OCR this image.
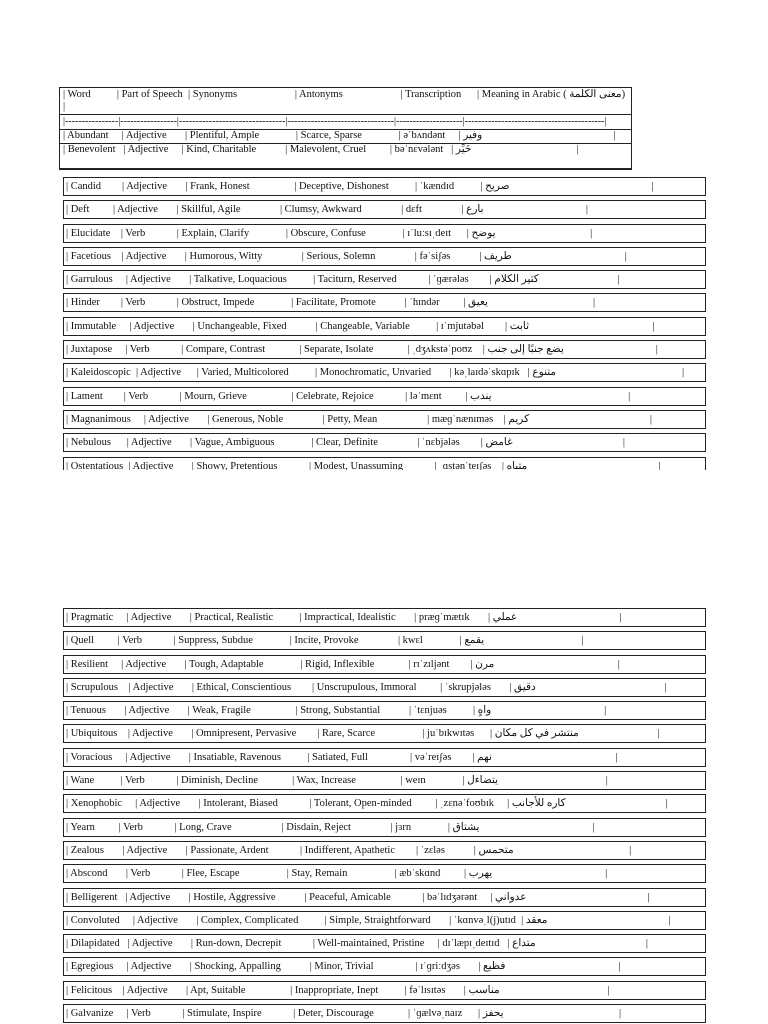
| Word          | Part of Speech  | Synonyms                      | Antonyms                      | Transcription      | Meaning in Arabic ( معنى الكلمة)        |
|----------------|-----------------|--------------------------------|--------------------------------|--------------------|------------------------------------------|
| Abundant     | Adjective       | Plentiful, Ample              | Scarce, Sparse              | əˈbʌndənt     | وفير                                                  |
| Benevolent   | Adjective     | Kind, Charitable           | Malevolent, Cruel         | bəˈnɛvələnt   | خَيِّر                                        |
| Candid        | Adjective       | Frank, Honest                 | Deceptive, Dishonest          | ˈkændɪd          | صريح                                                      |
| Deft         | Adjective       | Skillful, Agile               | Clumsy, Awkward               | dɛft               | بارع                                       |
| Elucidate    | Verb            | Explain, Clarify              | Obscure, Confuse              | ɪˈluːsɪˌdeɪt      | يوضح                                    |
| Facetious    | Adjective       | Humorous, Witty               | Serious, Solemn               | fəˈsiʃəs           | طريف                                           |
| Garrulous     | Adjective       | Talkative, Loquacious          | Taciturn, Reserved            | ˈɡærələs        | كثير الكلام                              |
| Hinder        | Verb            | Obstruct, Impede              | Facilitate, Promote           | ˈhɪndər         | يعيق                                        |
| Immutable     | Adjective       | Unchangeable, Fixed           | Changeable, Variable          | ɪˈmjutəbəl        | ثابت                                               |
| Juxtapose     | Verb            | Compare, Contrast             | Separate, Isolate             | ˌdʒʌkstəˈpoʊz    | يضع جنبًا إلى جنب                                   |
| Kaleidoscopic  | Adjective      | Varied, Multicolored          | Monochromatic, Unvaried       | kəˌlaɪdəˈskɑpɪk   | متنوع                                                |
| Lament        | Verb            | Mourn, Grieve                 | Celebrate, Rejoice            | ləˈmɛnt         | يندب                                                    |
| Magnanimous     | Adjective       | Generous, Noble               | Petty, Mean                   | mæɡˈnænɪməs    | كريم                                              |
| Nebulous      | Adjective       | Vague, Ambiguous              | Clear, Definite               | ˈnɛbjələs        | غامض                                          |
| Ostentatious  | Adjective       | Showy, Pretentious            | Modest, Unassuming            | ˌɑstənˈteɪʃəs    | متباه                                                  |
| Pragmatic     | Adjective       | Practical, Realistic          | Impractical, Idealistic       | præɡˈmætɪk       | عملي                                       |
| Quell         | Verb            | Suppress, Subdue              | Incite, Provoke               | kwɛl              | يقمع                                     |
| Resilient     | Adjective       | Tough, Adaptable              | Rigid, Inflexible             | rɪˈzɪljənt        | مرن                                               |
| Scrupulous    | Adjective       | Ethical, Conscientious        | Unscrupulous, Immoral         | ˈskrupjələs       | دقيق                                                 |
| Tenuous       | Adjective       | Weak, Fragile                 | Strong, Substantial           | ˈtɛnjuəs          | واهٍ                                           |
| Ubiquitous    | Adjective       | Omnipresent, Pervasive        | Rare, Scarce                  | juˈbɪkwɪtəs      | منتشر في كل مكان                              |
| Voracious     | Adjective       | Insatiable, Ravenous          | Satiated, Full                | vəˈreɪʃəs        | نهم                                               |
| Wane          | Verb            | Diminish, Decline             | Wax, Increase                 | weɪn              | يتضاءل                                         |
| Xenophobic     | Adjective       | Intolerant, Biased            | Tolerant, Open-minded         | ˌzɛnəˈfoʊbɪk     | كاره للأجانب                                      |
| Yearn         | Verb            | Long, Crave                   | Disdain, Reject               | jɜrn              | يشتاق                                           |
| Zealous       | Adjective       | Passionate, Ardent            | Indifferent, Apathetic        | ˈzɛləs           | متحمس                                            |
| Abscond       | Verb            | Flee, Escape                  | Stay, Remain                  | æbˈskɑnd         | يهرب                                           |
| Belligerent   | Adjective       | Hostile, Aggressive           | Peaceful, Amicable            | bəˈlɪdʒərənt     | عدواني                                              |
| Convoluted     | Adjective       | Complex, Complicated          | Simple, Straightforward       | ˈkɑnvəˌl(j)utɪd  | معقد                                              |
| Dilapidated   | Adjective       | Run-down, Decrepit            | Well-maintained, Pristine     | dɪˈlæpɪˌdeɪtɪd   | متداع                                          |
| Egregious     | Adjective       | Shocking, Appalling           | Minor, Trivial                | ɪˈɡriːdʒəs       | فظيع                                           |
| Felicitous    | Adjective       | Apt, Suitable                 | Inappropriate, Inept          | fəˈlɪsɪtəs       | مناسب                                         |
| Galvanize     | Verb            | Stimulate, Inspire            | Deter, Discourage             | ˈɡælvəˌnaɪz      | يحفز                                            |
